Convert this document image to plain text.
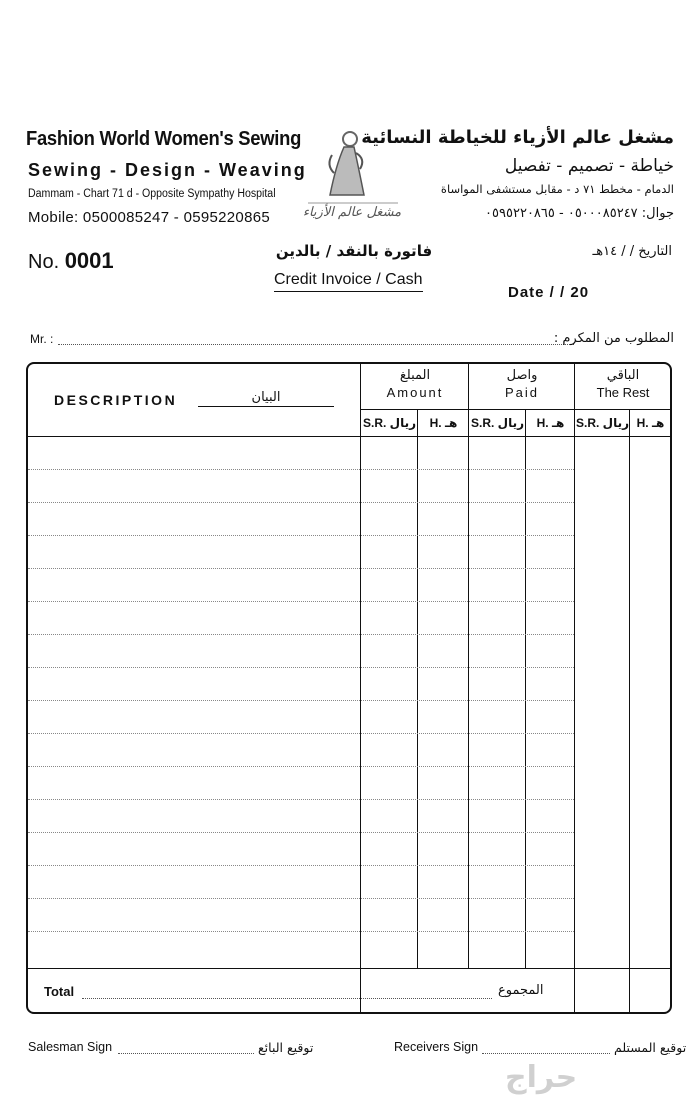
Fashion World Women's Sewing
Sewing - Design - Weaving
Dammam - Chart 71 d - Opposite Sympathy Hospital
Mobile: 0500085247 - 0595220865	مشغل عالم الأزياء
مشغل عالم الأزياء للخياطة النسائية
خياطة - تصميم - تفصيل
الدمام - مخطط ٧١ د - مقابل مستشفى المواساة
جوال: ٠٥٠٠٠٨٥٢٤٧ - ٠٥٩٥٢٢٠٨٦٥
No. 0001	فاتورة بالنقد / بالدين
Credit Invoice / Cash
التاريخ / / ١٤هـ
Date / / 20
Mr. :	المطلوب من المكرم :
DESCRIPTION	البيان
المبلغ
Amount
واصل
Paid
الباقي
The Rest
S.R. ريال	H. هـ	S.R. ريال	H. هـ S.R. ريال H. هـ
Total	المجموع
Salesman Sign	توقيع البائع	Receivers Sign	توقيع المستلم
حراج
